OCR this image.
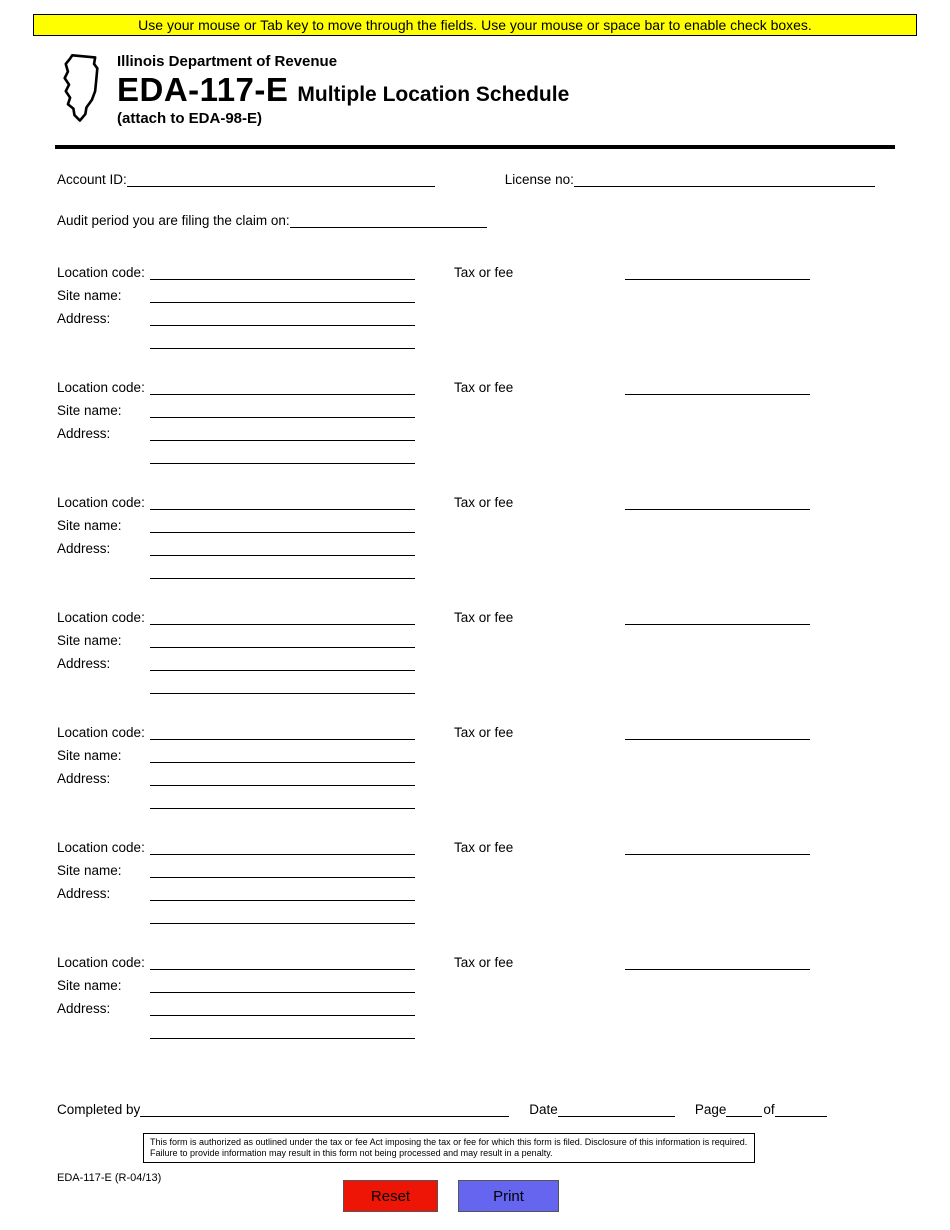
Use your mouse or Tab key to move through the fields. Use your mouse or space bar to enable check boxes.
Illinois Department of Revenue
EDA-117-E Multiple Location Schedule
(attach to EDA-98-E)
Account ID:	License no:
Audit period you are filing the claim on:
Location code:	Tax or fee
Site name:
Address:
Location code:	Tax or fee
Site name:
Address:
Location code:	Tax or fee
Site name:
Address:
Location code:	Tax or fee
Site name:
Address:
Location code:	Tax or fee
Site name:
Address:
Location code:	Tax or fee
Site name:
Address:
Location code:	Tax or fee
Site name:
Address:
Completed by	Date	Page	of
This form is authorized as outlined under the tax or fee Act imposing the tax or fee for which this form is filed. Disclosure of this information is required. Failure to provide information may result in this form not being processed and may result in a penalty.
EDA-117-E (R-04/13)
Reset	Print
